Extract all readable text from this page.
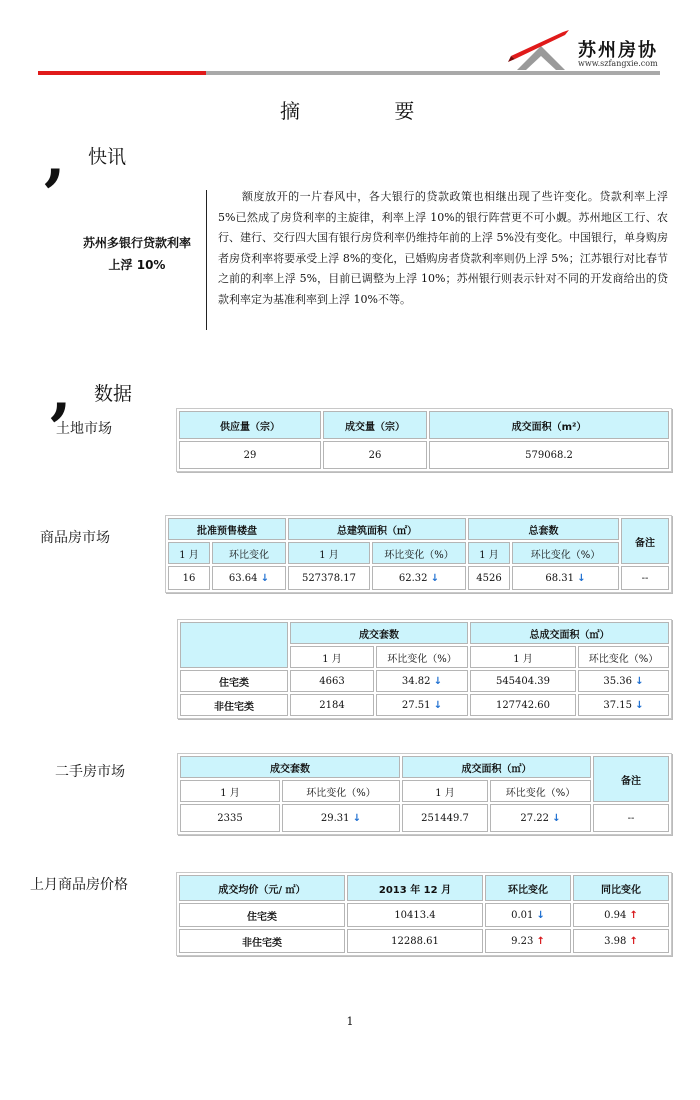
苏州房协
www.szfangxie.com
摘	要
, 快讯
苏州多银行贷款利率
上浮 10%
额度放开的一片春风中，各大银行的贷款政策也相继出现了些许变化。贷款利率上浮 5%已然成了房贷利率的主旋律，利率上浮 10%的银行阵营更不可小觑。苏州地区工行、农行、建行、交行四大国有银行房贷利率仍维持年前的上浮 5%没有变化。中国银行，单身购房者房贷利率将要承受上浮 8%的变化，已婚购房者贷款利率则仍上浮 5%；江苏银行对比春节之前的利率上浮 5%，目前已调整为上浮 10%；苏州银行则表示针对不同的开发商给出的贷款利率定为基准利率到上浮 10%不等。
, 数据
土地市场	供应量（宗）	成交量（宗）	成交面积（m²）
29	26	579068.2
商品房市场	批准预售楼盘		总建筑面积（㎡）		总套数		备注
1 月	环比变化	1 月	环比变化（%）	1 月	环比变化（%）	
16	63.64 ↓	527378.17	62.32 ↓	4526	68.31 ↓	--
	成交套数		总成交面积（㎡）	
	1 月	环比变化（%）	1 月	环比变化（%）
住宅类	4663	34.82 ↓	545404.39	35.36 ↓
非住宅类	2184	27.51 ↓	127742.60	37.15 ↓
二手房市场	成交套数		成交面积（㎡）		备注
1 月	环比变化（%）	1 月	环比变化（%）	
2335	29.31 ↓	251449.7	27.22 ↓	--
上月商品房价格	成交均价（元/ ㎡）	2013 年 12 月	环比变化	同比变化
住宅类	10413.4	0.01 ↓	0.94 ↑
非住宅类	12288.61	9.23 ↑	3.98 ↑
1
